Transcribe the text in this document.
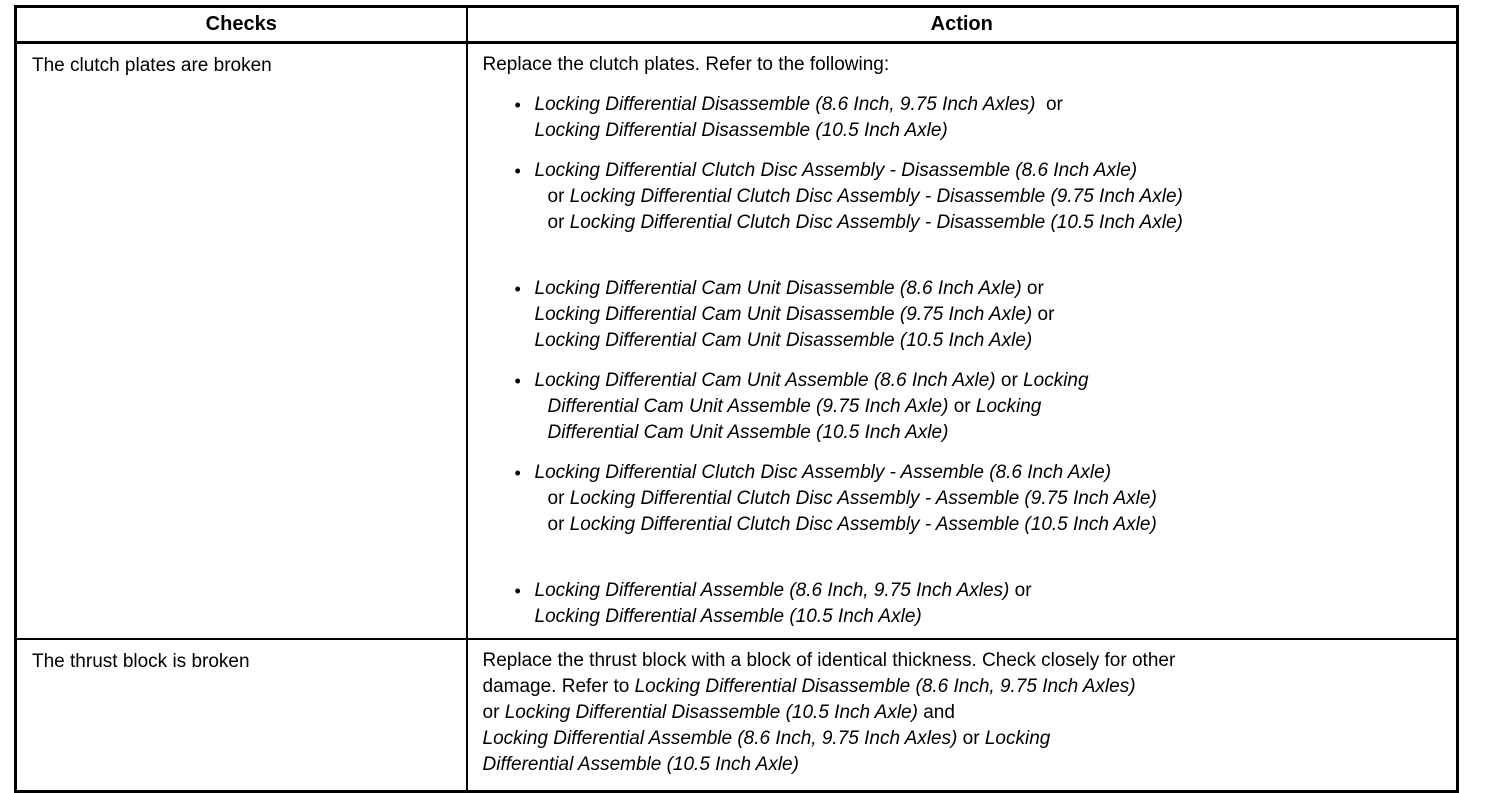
Checks	Action
The clutch plates are broken	Replace the clutch plates. Refer to the following:
• Locking Differential Disassemble (8.6 Inch, 9.75 Inch Axles)  or
Locking Differential Disassemble (10.5 Inch Axle)
• Locking Differential Clutch Disc Assembly - Disassemble (8.6 Inch Axle)
or Locking Differential Clutch Disc Assembly - Disassemble (9.75 Inch Axle)
or Locking Differential Clutch Disc Assembly - Disassemble (10.5 Inch Axle)
• Locking Differential Cam Unit Disassemble (8.6 Inch Axle) or
Locking Differential Cam Unit Disassemble (9.75 Inch Axle) or
Locking Differential Cam Unit Disassemble (10.5 Inch Axle)
• Locking Differential Cam Unit Assemble (8.6 Inch Axle) or Locking
Differential Cam Unit Assemble (9.75 Inch Axle) or Locking
Differential Cam Unit Assemble (10.5 Inch Axle)
• Locking Differential Clutch Disc Assembly - Assemble (8.6 Inch Axle)
or Locking Differential Clutch Disc Assembly - Assemble (9.75 Inch Axle)
or Locking Differential Clutch Disc Assembly - Assemble (10.5 Inch Axle)
• Locking Differential Assemble (8.6 Inch, 9.75 Inch Axles) or
Locking Differential Assemble (10.5 Inch Axle)

The thrust block is broken	Replace the thrust block with a block of identical thickness. Check closely for other
damage. Refer to Locking Differential Disassemble (8.6 Inch, 9.75 Inch Axles)
or Locking Differential Disassemble (10.5 Inch Axle) and
Locking Differential Assemble (8.6 Inch, 9.75 Inch Axles) or Locking
Differential Assemble (10.5 Inch Axle)
